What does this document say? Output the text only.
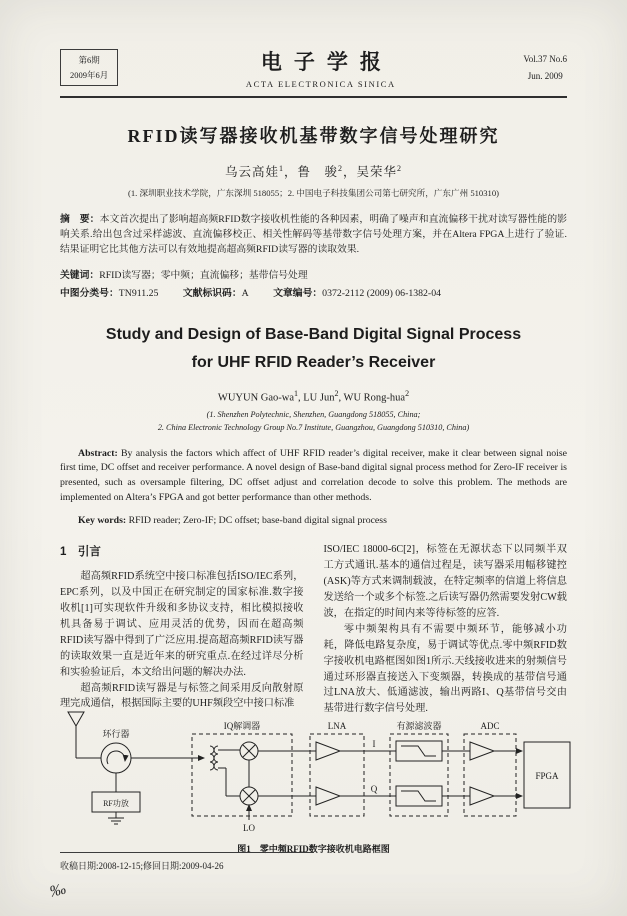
第6期
2009年6月
电子学报
ACTA ELECTRONICA SINICA
Vol.37 No.6
Jun. 2009
RFID读写器接收机基带数字信号处理研究
乌云高娃$^1$，鲁　骏$^2$，吴荣华$^2$
(1. 深圳职业技术学院，广东深圳 518055；2. 中国电子科技集团公司第七研究所，广东广州 510310)

摘　要：本文首次提出了影响超高频RFID数字接收机性能的各种因素，明确了噪声和直流偏移干扰对读写器性能的影响关系.给出包含过采样滤波、直流偏移校正、相关性解码等基带数字信号处理方案，并在Altera FPGA上进行了验证.结果证明它比其他方法可以有效地提高超高频RFID读写器的读取效果.

关键词：RFID读写器；零中频；直流偏移；基带信号处理
中图分类号：TN911.25 文献标识码：A 文章编号：0372-2112 (2009) 06-1382-04
Study and Design of Base-Band Digital Signal Process
for UHF RFID Reader’s Receiver
WUYUN Gao-$wa^1$, LU Jun$^2$, WU Rong-hua$^2$
(1. Shenzhen Polytechnic, Shenzhen, Guangdong 518055, China;
2. China Electronic Technology Group No.7 Institute, Guangzhou, Guangdong 510310, China)

Abstract: By analysis the factors which affect of UHF RFID reader’s digital receiver, make it clear between signal noise first time, DC offset and receiver performance. A novel design of Base-band digital signal process method for Zero-IF receiver is presented, such as oversample filtering, DC offset adjust and correlation decode to solve this problem. The methods are implemented on Altera’s FPGA and got better performance than other methods.

Key words: RFID reader; Zero-IF; DC offset; base-band digital signal process
1　引言

超高频RFID系统空中接口标准包括ISO/IEC系列，EPC系列，以及中国正在研究制定的国家标准.数字接收机[1]可实现软件升级和多协议支持，相比模拟接收机具备易于调试、应用灵活的优势，因而在超高频RFID读写器中得到了广泛应用.提高超高频RFID读写器的读取效果一直是近年来的研究重点.在经过详尽分析和实验验证后，本文给出问题的解决办法.

超高频RFID读写器是与标签之间采用反向散射原理完成通信，根据国际主要的UHF频段空中接口标准

ISO/IEC 18000-6C[2]，标签在无源状态下以同频半双工方式通讯.基本的通信过程是，读写器采用幅移键控(ASK)等方式来调制载波，在特定频率的信道上将信息发送给一个或多个标签.之后读写器仍然需要发射CW载波，在指定的时间内来等待标签的应答.

零中频架构具有不需要中频环节，能够减小功耗，降低电路复杂度，易于调试等优点.零中频RFID数字接收机电路框图如图1所示.天线接收进来的射频信号通过环形器直接送入下变频器，转换成的基带信号通过LNA放大、低通滤波，输出两路I、Q基带信号交由基带进行数字信号处理.

环行器
RF功放
IQ解调器
LO
LNA	有源滤波器	ADC
FPGA
I
Q
图1　零中频RFID数字接收机电路框图
收稿日期:2008-12-15;修回日期:2009-04-26
‰
